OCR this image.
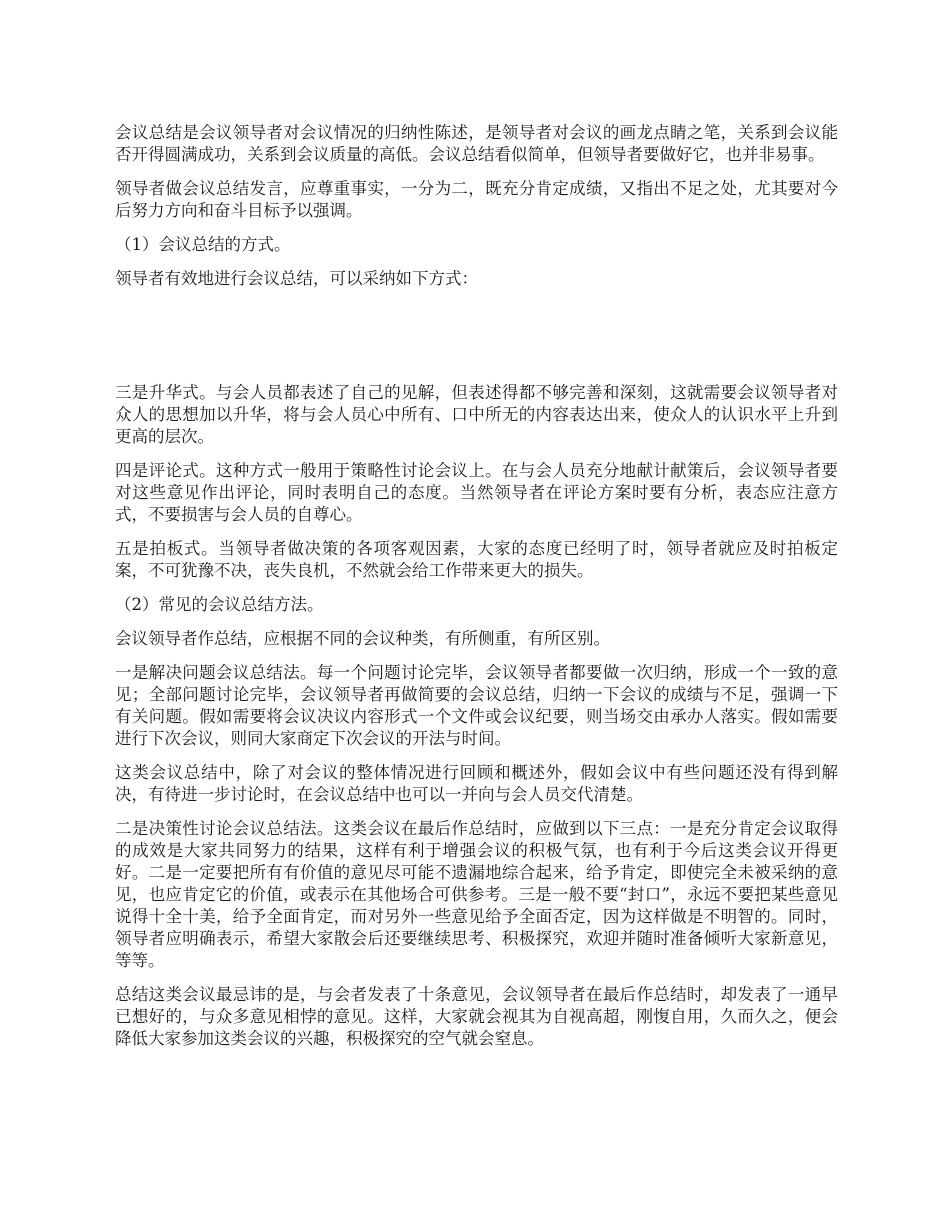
会议总结是会议领导者对会议情况的归纳性陈述，是领导者对会议的画龙点睛之笔，关系到会议能否开得圆满成功，关系到会议质量的高低。会议总结看似简单，但领导者要做好它，也并非易事。

领导者做会议总结发言，应尊重事实，一分为二，既充分肯定成绩，又指出不足之处，尤其要对今后努力方向和奋斗目标予以强调。

（1）会议总结的方式。

领导者有效地进行会议总结，可以采纳如下方式：

三是升华式。与会人员都表述了自己的见解，但表述得都不够完善和深刻，这就需要会议领导者对众人的思想加以升华，将与会人员心中所有、口中所无的内容表达出来，使众人的认识水平上升到更高的层次。

四是评论式。这种方式一般用于策略性讨论会议上。在与会人员充分地献计献策后，会议领导者要对这些意见作出评论，同时表明自己的态度。当然领导者在评论方案时要有分析，表态应注意方式，不要损害与会人员的自尊心。

五是拍板式。当领导者做决策的各项客观因素，大家的态度已经明了时，领导者就应及时拍板定案，不可犹豫不决，丧失良机，不然就会给工作带来更大的损失。

（2）常见的会议总结方法。

会议领导者作总结，应根据不同的会议种类，有所侧重，有所区别。

一是解决问题会议总结法。每一个问题讨论完毕，会议领导者都要做一次归纳，形成一个一致的意见；全部问题讨论完毕，会议领导者再做简要的会议总结，归纳一下会议的成绩与不足，强调一下有关问题。假如需要将会议决议内容形式一个文件或会议纪要，则当场交由承办人落实。假如需要进行下次会议，则同大家商定下次会议的开法与时间。

这类会议总结中，除了对会议的整体情况进行回顾和概述外，假如会议中有些问题还没有得到解决，有待进一步讨论时，在会议总结中也可以一并向与会人员交代清楚。

二是决策性讨论会议总结法。这类会议在最后作总结时，应做到以下三点：一是充分肯定会议取得的成效是大家共同努力的结果，这样有利于增强会议的积极气氛，也有利于今后这类会议开得更好。二是一定要把所有有价值的意见尽可能不遗漏地综合起来，给予肯定，即使完全未被采纳的意见，也应肯定它的价值，或表示在其他场合可供参考。三是一般不要“封口”，永远不要把某些意见说得十全十美，给予全面肯定，而对另外一些意见给予全面否定，因为这样做是不明智的。同时，领导者应明确表示，希望大家散会后还要继续思考、积极探究，欢迎并随时准备倾听大家新意见，等等。

总结这类会议最忌讳的是，与会者发表了十条意见，会议领导者在最后作总结时，却发表了一通早已想好的，与众多意见相悖的意见。这样，大家就会视其为自视高超，刚愎自用，久而久之，便会降低大家参加这类会议的兴趣，积极探究的空气就会窒息。
